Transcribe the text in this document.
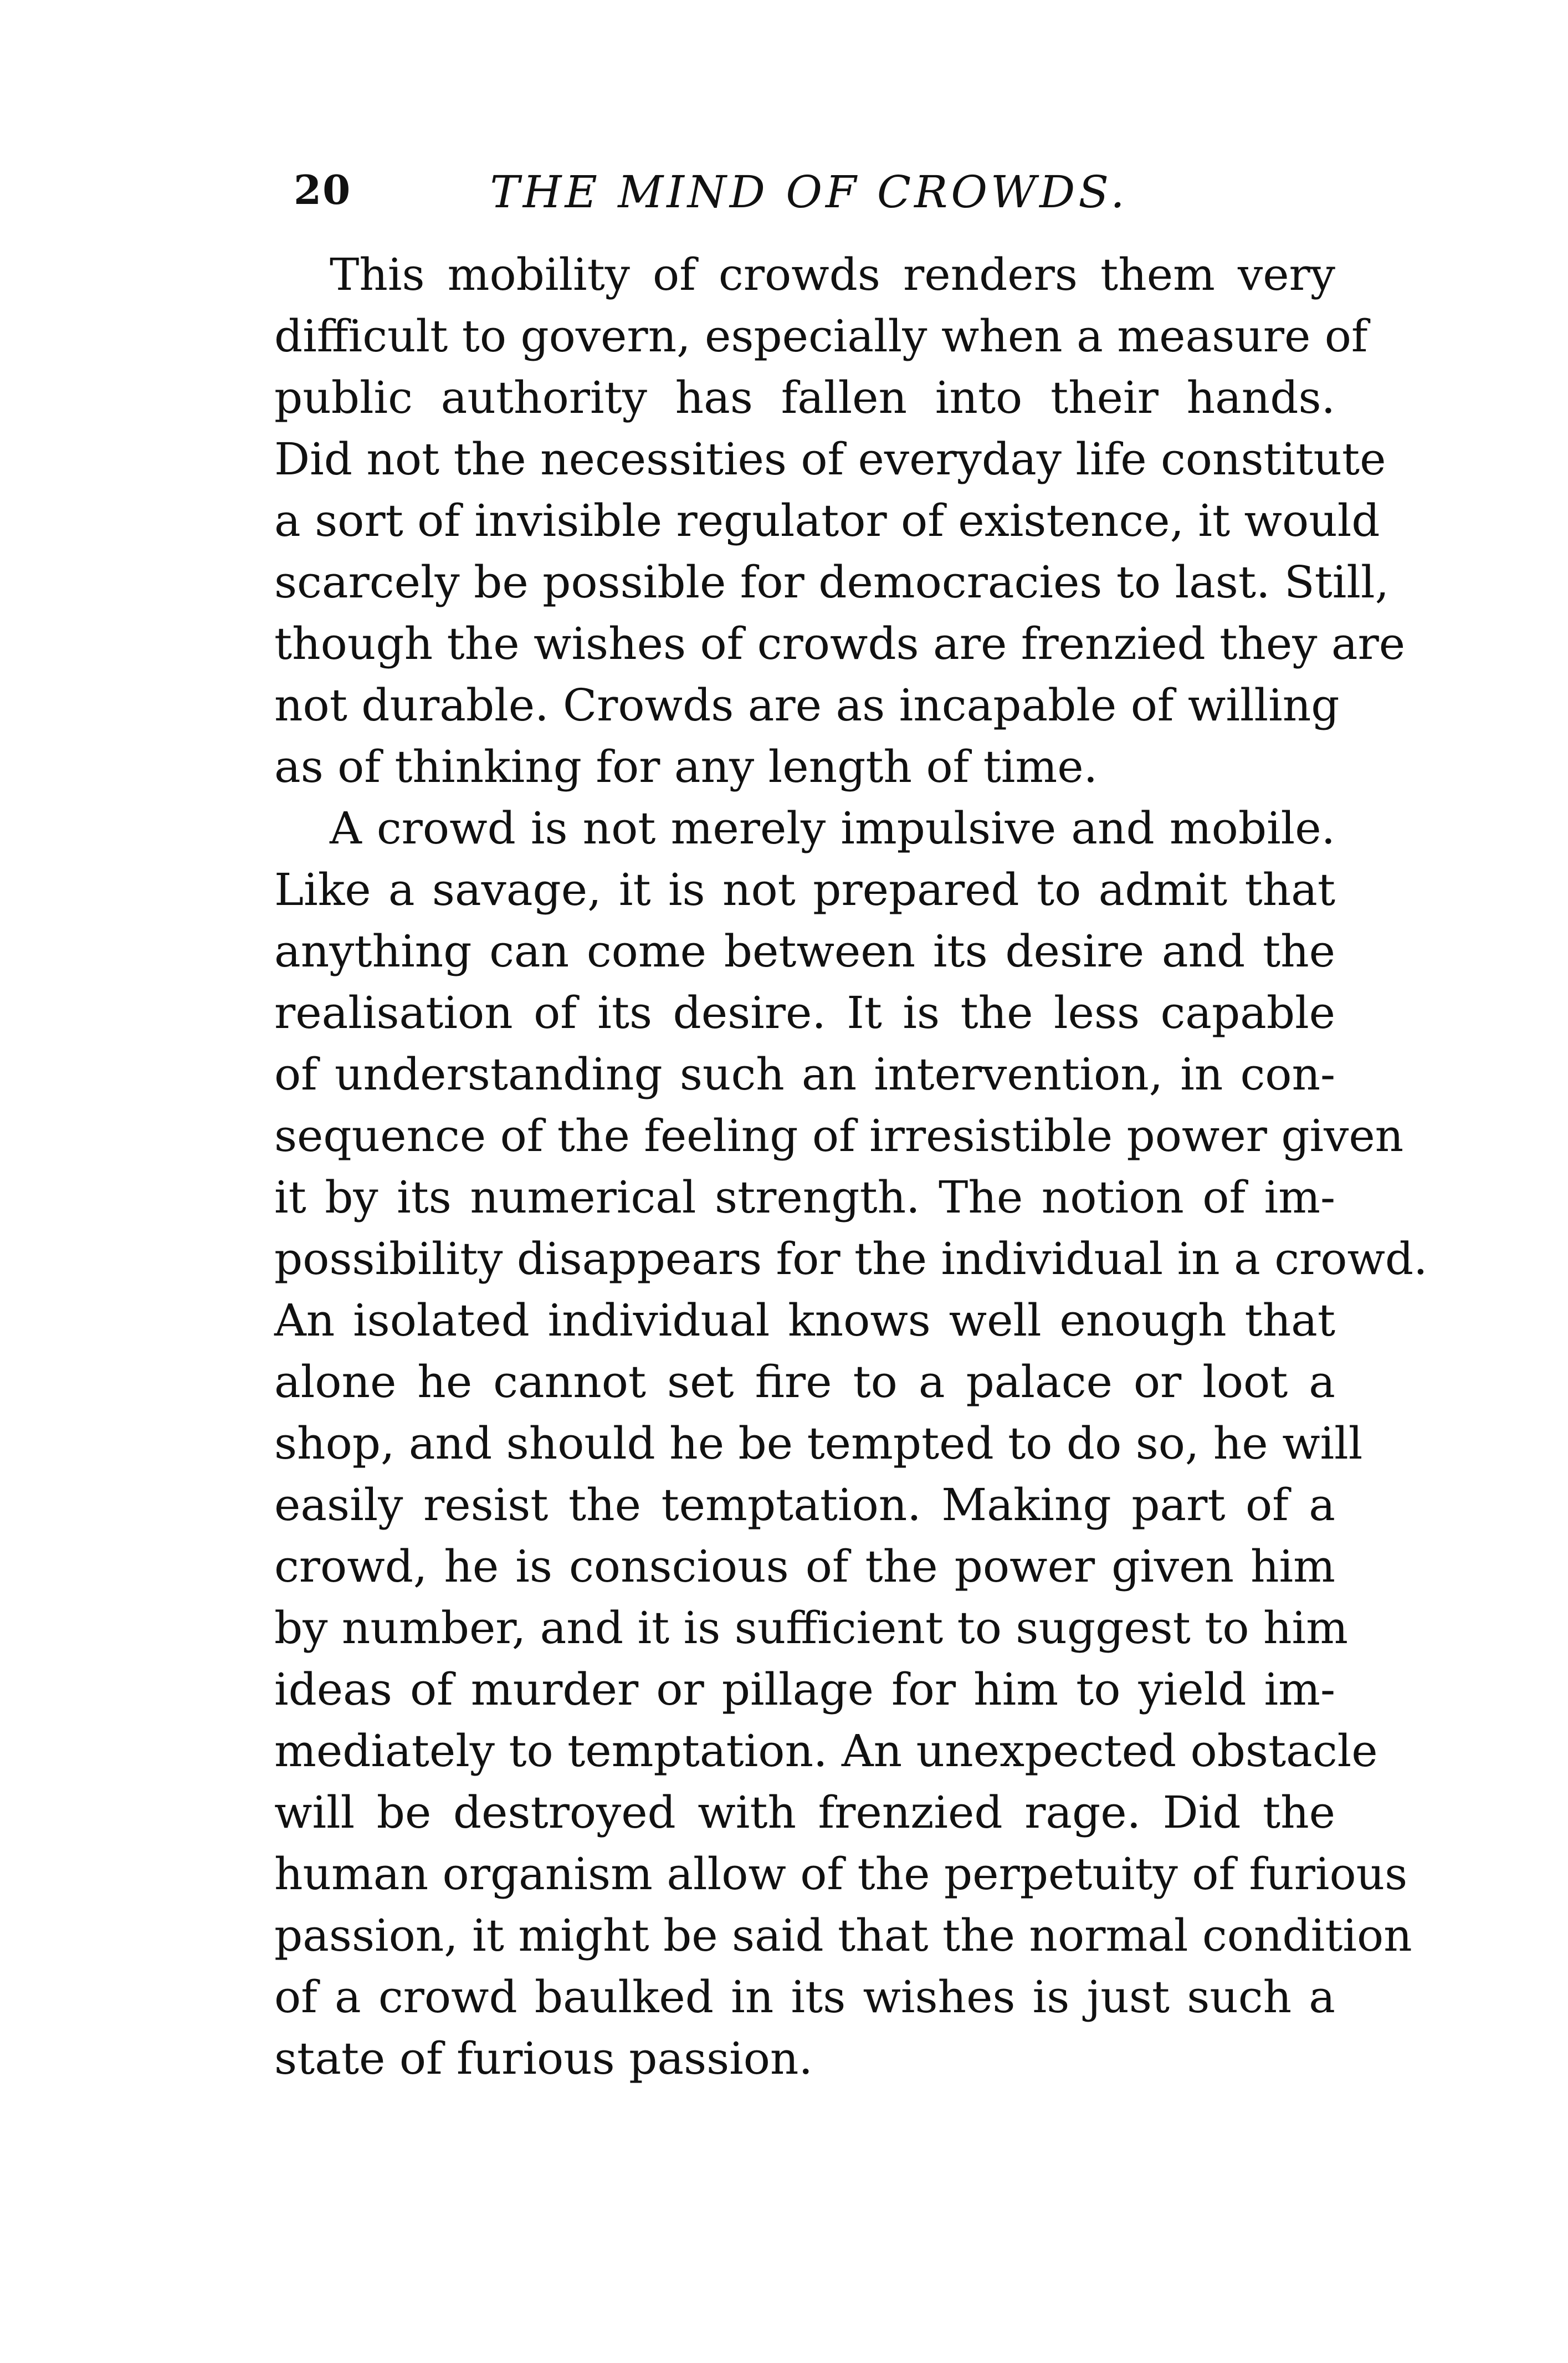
20	THE MIND OF CROWDS.
This mobility of crowds renders them very
difficult to govern, especially when a measure of
public authority has fallen into their hands.
Did not the necessities of everyday life constitute
a sort of invisible regulator of existence, it would
scarcely be possible for democracies to last. Still,
though the wishes of crowds are frenzied they are
not durable. Crowds are as incapable of willing
as of thinking for any length of time.
A crowd is not merely impulsive and mobile.
Like a savage, it is not prepared to admit that
anything can come between its desire and the
realisation of its desire. It is the less capable
of understanding such an intervention, in con-
sequence of the feeling of irresistible power given
it by its numerical strength. The notion of im-
possibility disappears for the individual in a crowd.
An isolated individual knows well enough that
alone he cannot set fire to a palace or loot a
shop, and should he be tempted to do so, he will
easily resist the temptation. Making part of a
crowd, he is conscious of the power given him
by number, and it is sufficient to suggest to him
ideas of murder or pillage for him to yield im-
mediately to temptation. An unexpected obstacle
will be destroyed with frenzied rage. Did the
human organism allow of the perpetuity of furious
passion, it might be said that the normal condition
of a crowd baulked in its wishes is just such a
state of furious passion.
